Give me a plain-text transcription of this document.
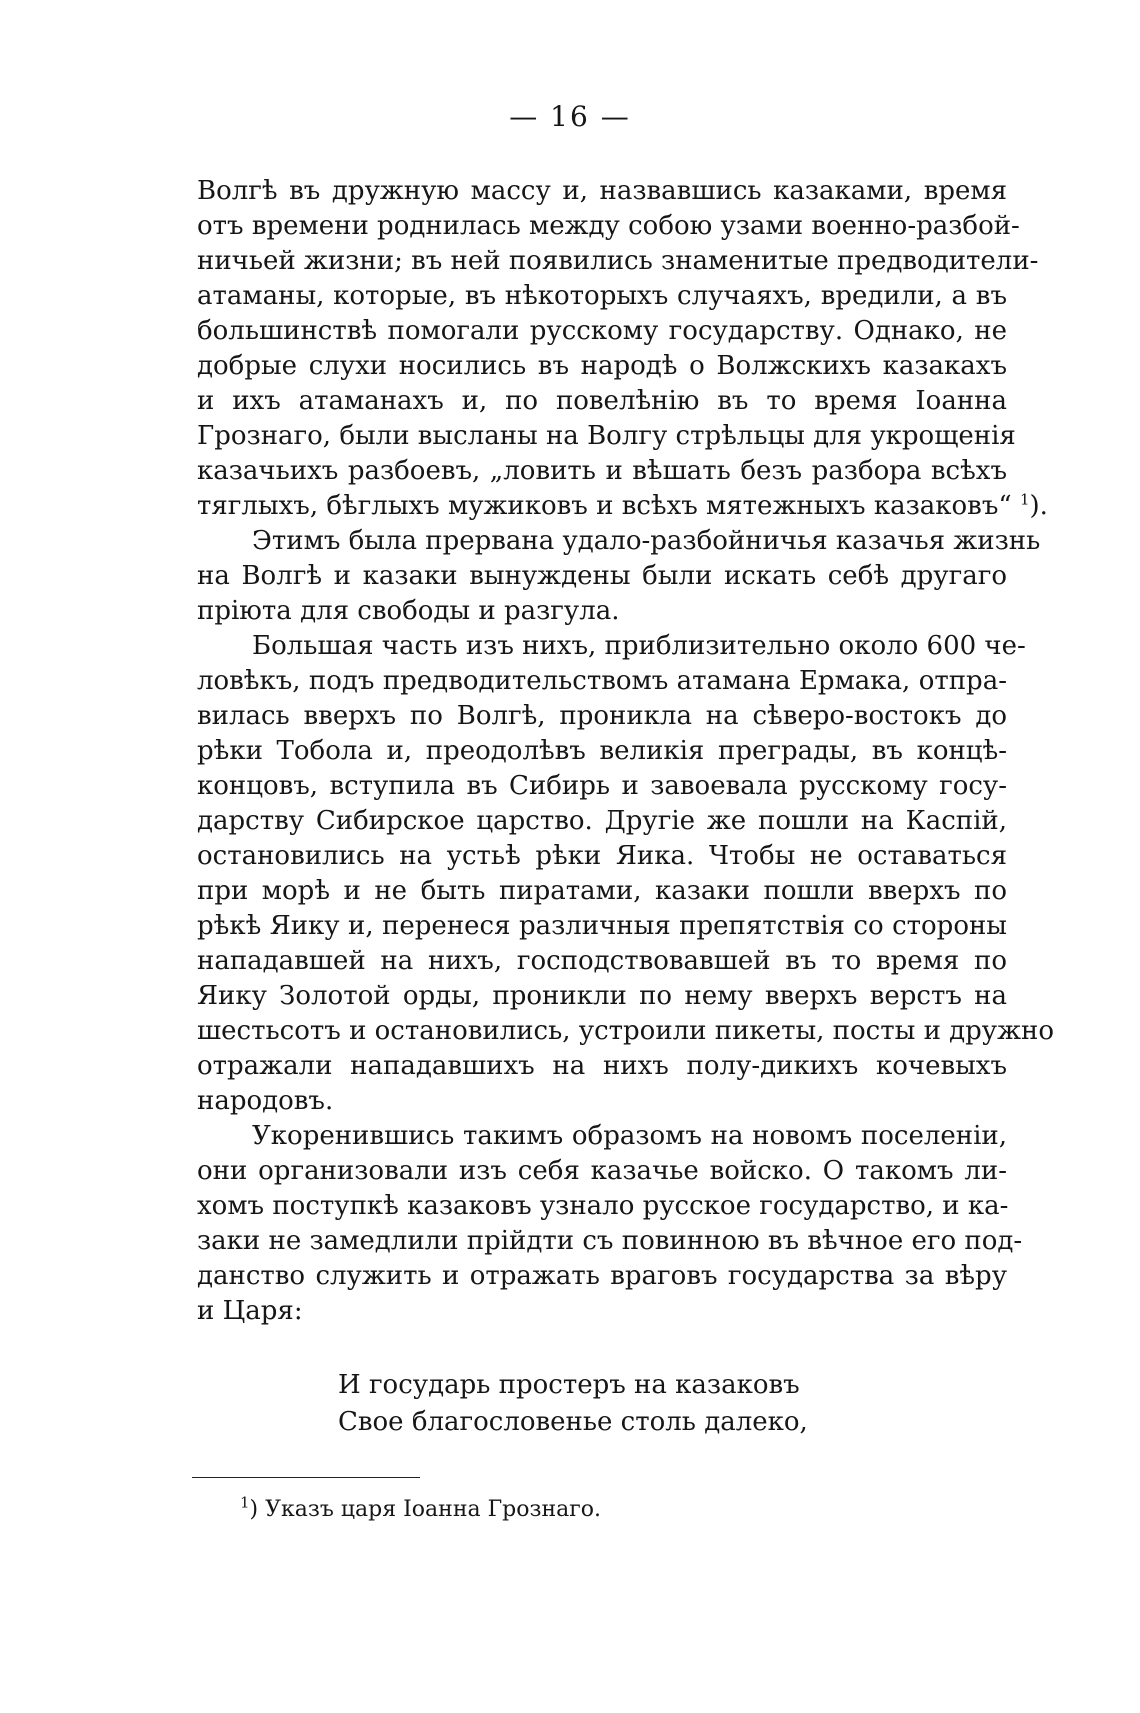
— 16 —
Волгѣ въ дружную массу и, назвавшись казаками, время
отъ времени роднилась между собою узами военно-разбой-
ничьей жизни; въ ней появились знаменитые предводители-
атаманы, которые, въ нѣкоторыхъ случаяхъ, вредили, а въ
большинствѣ помогали русскому государству. Однако, не
добрые слухи носились въ народѣ о Волжскихъ казакахъ
и ихъ атаманахъ и, по повелѣнію въ то время Іоанна
Грознаго, были высланы на Волгу стрѣльцы для укрощенія
казачьихъ разбоевъ, „ловить и вѣшать безъ разбора всѣхъ
тяглыхъ, бѣглыхъ мужиковъ и всѣхъ мятежныхъ казаковъ“ $^1$).
Этимъ была прервана удало-разбойничья казачья жизнь
на Волгѣ и казаки вынуждены были искать себѣ другаго
пріюта для свободы и разгула.
Большая часть изъ нихъ, приблизительно около 600 че-
ловѣкъ, подъ предводительствомъ атамана Ермака, отпра-
вилась вверхъ по Волгѣ, проникла на сѣверо-востокъ до
рѣки Тобола и, преодолѣвъ великія преграды, въ концѣ-
концовъ, вступила въ Сибирь и завоевала русскому госу-
дарству Сибирское царство. Другіе же пошли на Каспій,
остановились на устьѣ рѣки Яика. Чтобы не оставаться
при морѣ и не быть пиратами, казаки пошли вверхъ по
рѣкѣ Яику и, перенеся различныя препятствія со стороны
нападавшей на нихъ, господствовавшей въ то время по
Яику Золотой орды, проникли по нему вверхъ верстъ на
шестьсотъ и остановились, устроили пикеты, посты и дружно
отражали нападавшихъ на нихъ полу-дикихъ кочевыхъ
народовъ.
Укоренившись такимъ образомъ на новомъ поселеніи,
они организовали изъ себя казачье войско. О такомъ ли-
хомъ поступкѣ казаковъ узнало русское государство, и ка-
заки не замедлили прійдти съ повинною въ вѣчное его под-
данство служить и отражать враговъ государства за вѣру
и Царя:
И государь простеръ на казаковъ
Свое благословенье столь далеко,
$^1$) Указъ царя Іоанна Грознаго.
